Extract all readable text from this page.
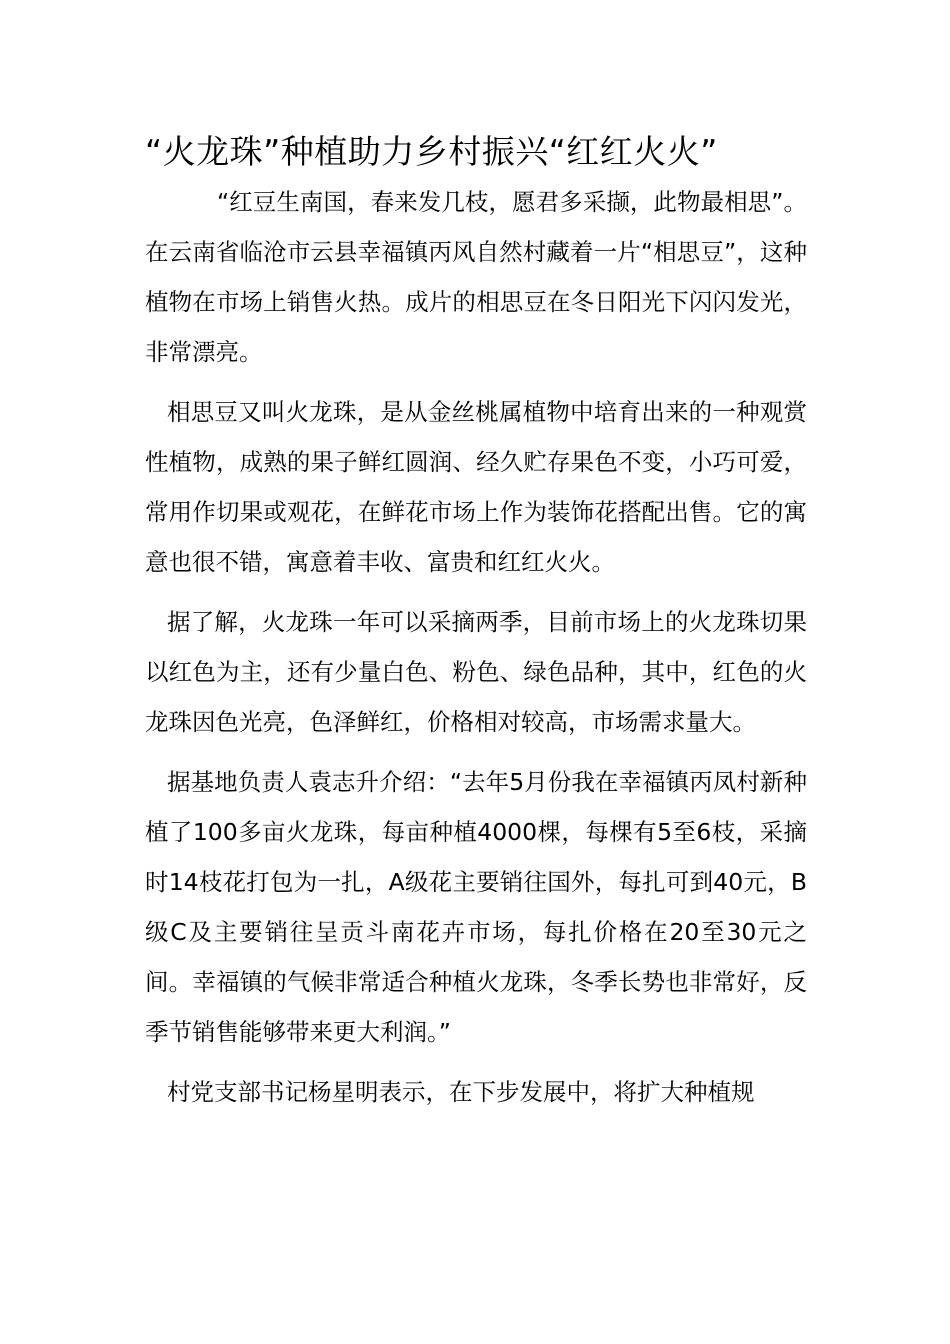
“火龙珠”种植助力乡村振兴“红红火火”

“红豆生南国，春来发几枝，愿君多采撷，此物最相思”。在云南省临沧市云县幸福镇丙风自然村藏着一片“相思豆”，这种植物在市场上销售火热。成片的相思豆在冬日阳光下闪闪发光，非常漂亮。

相思豆又叫火龙珠，是从金丝桃属植物中培育出来的一种观赏性植物，成熟的果子鲜红圆润、经久贮存果色不变，小巧可爱，常用作切果或观花，在鲜花市场上作为装饰花搭配出售。它的寓意也很不错，寓意着丰收、富贵和红红火火。

据了解，火龙珠一年可以采摘两季，目前市场上的火龙珠切果以红色为主，还有少量白色、粉色、绿色品种，其中，红色的火龙珠因色光亮，色泽鲜红，价格相对较高，市场需求量大。

据基地负责人袁志升介绍：“去年5月份我在幸福镇丙凤村新种植了100多亩火龙珠，每亩种植4000棵，每棵有5至6枝，采摘时14枝花打包为一扎，A级花主要销往国外，每扎可到40元，B级C及主要销往呈贡斗南花卉市场，每扎价格在20至30元之间。幸福镇的气候非常适合种植火龙珠，冬季长势也非常好，反季节销售能够带来更大利润。”

村党支部书记杨星明表示，在下步发展中，将扩大种植规
